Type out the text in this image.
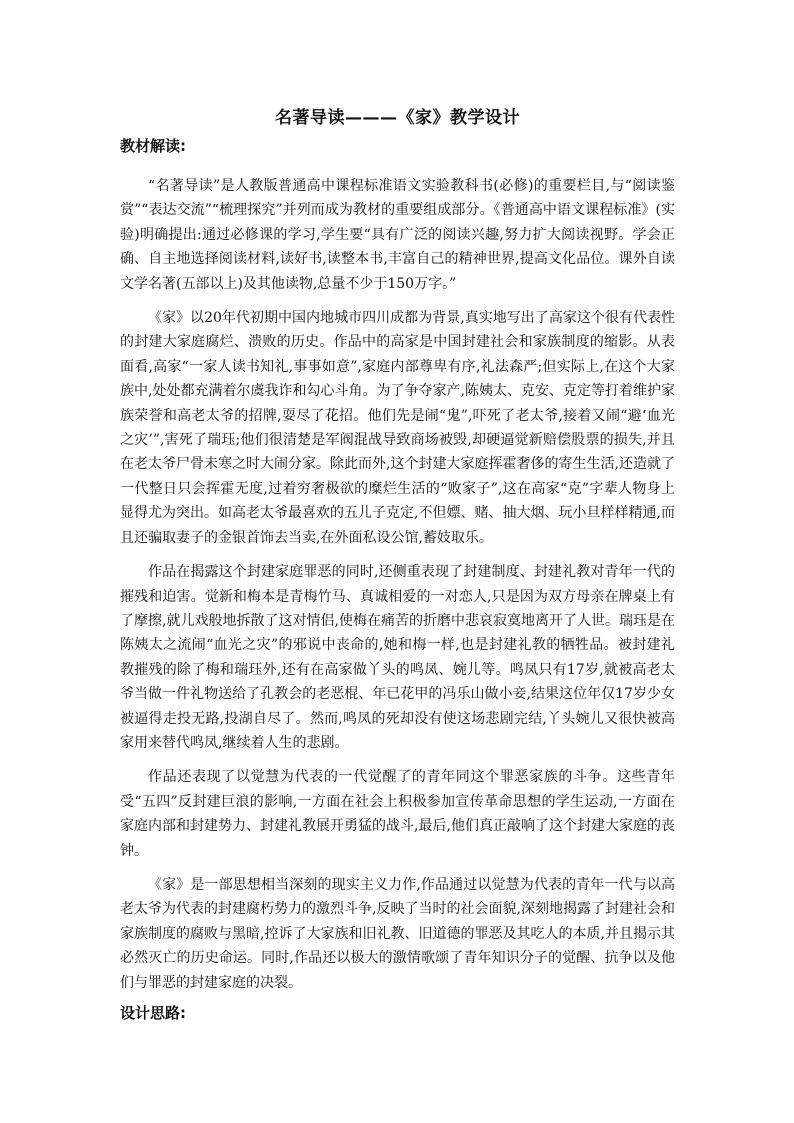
名著导读———《家》教学设计
教材解读:

“名著导读”是人教版普通高中课程标准语文实验教科书(必修)的重要栏目,与“阅读鉴赏”“表达交流”“梳理探究”并列而成为教材的重要组成部分。《普通高中语文课程标准》(实验)明确提出:通过必修课的学习,学生要“具有广泛的阅读兴趣,努力扩大阅读视野。学会正确、自主地选择阅读材料,读好书,读整本书,丰富自己的精神世界,提高文化品位。课外自读文学名著(五部以上)及其他读物,总量不少于150万字。”

《家》以20年代初期中国内地城市四川成都为背景,真实地写出了高家这个很有代表性的封建大家庭腐烂、溃败的历史。作品中的高家是中国封建社会和家族制度的缩影。从表面看,高家“一家人读书知礼,事事如意”,家庭内部尊卑有序,礼法森严;但实际上,在这个大家族中,处处都充满着尔虞我诈和勾心斗角。为了争夺家产,陈姨太、克安、克定等打着维护家族荣誉和高老太爷的招牌,耍尽了花招。他们先是闹“鬼”,吓死了老太爷,接着又闹“避‘血光之灾’”,害死了瑞珏;他们很清楚是军阀混战导致商场被毁,却硬逼觉新赔偿股票的损失,并且在老太爷尸骨未寒之时大闹分家。除此而外,这个封建大家庭挥霍奢侈的寄生生活,还造就了一代整日只会挥霍无度,过着穷奢极欲的糜烂生活的“败家子”,这在高家“克”字辈人物身上显得尤为突出。如高老太爷最喜欢的五儿子克定,不但嫖、赌、抽大烟、玩小旦样样精通,而且还骗取妻子的金银首饰去当卖,在外面私设公馆,蓄妓取乐。

作品在揭露这个封建家庭罪恶的同时,还侧重表现了封建制度、封建礼教对青年一代的摧残和迫害。觉新和梅本是青梅竹马、真诚相爱的一对恋人,只是因为双方母亲在牌桌上有了摩擦,就儿戏般地拆散了这对情侣,使梅在痛苦的折磨中悲哀寂寞地离开了人世。瑞珏是在陈姨太之流闹“血光之灾”的邪说中丧命的,她和梅一样,也是封建礼教的牺牲品。被封建礼教摧残的除了梅和瑞珏外,还有在高家做丫头的鸣凤、婉儿等。鸣凤只有17岁,就被高老太爷当做一件礼物送给了孔教会的老恶棍、年已花甲的冯乐山做小妾,结果这位年仅17岁少女被逼得走投无路,投湖自尽了。然而,鸣凤的死却没有使这场悲剧完结,丫头婉儿又很快被高家用来替代鸣凤,继续着人生的悲剧。

作品还表现了以觉慧为代表的一代觉醒了的青年同这个罪恶家族的斗争。这些青年受“五四”反封建巨浪的影响,一方面在社会上积极参加宣传革命思想的学生运动,一方面在家庭内部和封建势力、封建礼教展开勇猛的战斗,最后,他们真正敲响了这个封建大家庭的丧钟。

《家》是一部思想相当深刻的现实主义力作,作品通过以觉慧为代表的青年一代与以高老太爷为代表的封建腐朽势力的激烈斗争,反映了当时的社会面貌,深刻地揭露了封建社会和家族制度的腐败与黑暗,控诉了大家族和旧礼教、旧道德的罪恶及其吃人的本质,并且揭示其必然灭亡的历史命运。同时,作品还以极大的激情歌颂了青年知识分子的觉醒、抗争以及他们与罪恶的封建家庭的决裂。

设计思路:
